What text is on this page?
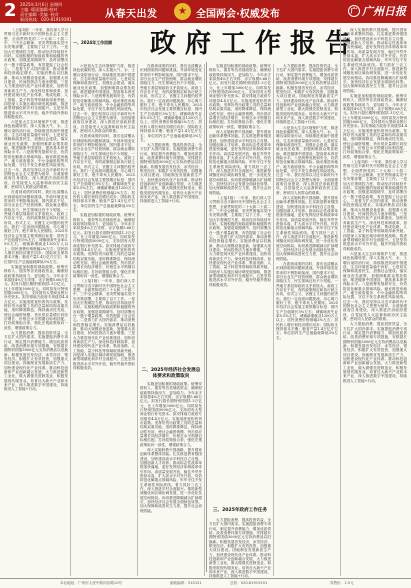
2 2025年3月6日 星期四
主编 ·版面编辑·校对
责任编辑 ·美编 ·校对
新闻热线：020-81919191	从春天出发	★ 全国两会·权威发布	广 广州日报
政府工作报告

（上接1版）一年来，我们深入学习贯彻习近平新时代中国特色社会主义思想，全面贯彻党的二十大和二十届二中、三中全会精神，坚决贯彻落实党中央决策部署，主要做了以下工作。一是加大宏观调控力度，推动经济持续回升向好。实施积极的财政政策和稳健的货币政策，加强逆周期调节，及时部署出台一揽子增量政策，有效提振了社会信心。二是着力扩大国内需求，推动消费和投资稳定增长。实施消费品以旧换新，推动大规模设备更新，加强重大项目建设，民间投资活力逐步增强。三是大力推进现代化产业体系建设，加快培育新质生产力。深化科技体制改革，加快建设现代化产业体系，集成电路、人工智能、量子科技等领域取得新突破。四是深入实施区域协调发展战略，推进新型城镇化和乡村全面振兴。五是坚持推进高水平对外开放，稳外贸稳外资取得积极成效。

六是加大生态环境保护力度，推进绿色低碳转型。深入实施大气、水、土壤污染防治行动，持续推进美丽中国建设，生态环境质量稳中向好。七是切实保障和改善民生，加强社会建设。落实就业优先政策，加强困难群众帮扶救助，推进健康中国建设，提高基本养老保险水平。八是统筹发展和安全，有效防范化解重点领域风险。稳妥推进房地产、地方政府债务、中小金融机构等风险处置，守住不发生系统性风险底线。过去一年，我们坚持以习近平新时代中国特色社会主义思想为指导，全面加强政府自身建设，深入推进法治政府建设，自觉接受人大监督和政协民主监督，密切同人民群众的联系。

在看到成绩的同时，我们也清醒认识到面临的问题和挑战。外部环境变化带来的不利影响加深，国内需求不足，部分企业生产经营困难，群众就业增收面临压力，民生领域还有不少短板，一些地方基层财政收支矛盾较大。政府工作存在不足，有的政策制定和执行缺乏协同，形式主义、官僚主义问题仍较突出。我们一定直面问题挑战，尽心竭力做好工作，绝不辜负人民期待。2025年经济社会发展主要预期目标是：国内生产总值增长5%左右；城镇调查失业率5.5%左右，城镇新增就业1200万人以上；居民消费价格涨幅2%左右；居民收入增长和经济增长同步；国际收支保持基本平衡；粮食产量1.4万亿斤左右；单位国内生产总值能耗降低3%左右。

实施更加积极的财政政策。统筹安排收入、债券等各类财政资金，确保财政政策持续用力、更加给力。今年赤字率拟按4%左右安排，赤字规模5.66万亿元。拟发行超长期特别国债1.3万亿元，比上年增加3000亿元。同时拟发行特别国债5000亿元，支持国有大型商业银行补充资本。拟安排地方政府专项债券4.4万亿元。实施适度宽松的货币政策。发挥好货币政策工具的总量和结构双重功能，适时降准降息，保持流动性充裕，使社会融资规模、货币供应量增长同经济增长、价格总水平预期目标相匹配。打好政策组合拳，强化宏观政策取向一致性，增强政策合力。

大力提振消费、提高投资效益，全方位扩大国内需求。实施提振消费专项行动，制定提升消费能力、增加优质供给、改善消费环境专项措施，安排超长期特别国债3000亿元支持消费品以旧换新。积极发展首发经济、冰雪经济、银发经济。积极扩大有效投资，加强重大项目建设。因地制宜发展新质生产力，加快建设现代化产业体系。推动科技创新和产业创新融合发展，大力推进新型工业化，做大做强先进制造业，积极发展现代服务业。培育壮大新兴产业和未来产业，深入推进数字中国建设，持续推进人工智能+行动。

六是加大生态环境保护力度，推进绿色低碳转型。深入实施大气、水、土壤污染防治行动，持续推进美丽中国建设，生态环境质量稳中向好。七是切实保障和改善民生，加强社会建设。落实就业优先政策，加强困难群众帮扶救助，推进健康中国建设，提高基本养老保险水平。八是统筹发展和安全，有效防范化解重点领域风险。稳妥推进房地产、地方政府债务、中小金融机构等风险处置，守住不发生系统性风险底线。过去一年，我们坚持以习近平新时代中国特色社会主义思想为指导，全面加强政府自身建设，深入推进法治政府建设，自觉接受人大监督和政协民主监督，密切同人民群众的联系。

在看到成绩的同时，我们也清醒认识到面临的问题和挑战。外部环境变化带来的不利影响加深，国内需求不足，部分企业生产经营困难，群众就业增收面临压力，民生领域还有不少短板，一些地方基层财政收支矛盾较大。政府工作存在不足，有的政策制定和执行缺乏协同，形式主义、官僚主义问题仍较突出。我们一定直面问题挑战，尽心竭力做好工作，绝不辜负人民期待。2025年经济社会发展主要预期目标是：国内生产总值增长5%左右；城镇调查失业率5.5%左右，城镇新增就业1200万人以上；居民消费价格涨幅2%左右；居民收入增长和经济增长同步；国际收支保持基本平衡；粮食产量1.4万亿斤左右；单位国内生产总值能耗降低3%左右。

实施更加积极的财政政策。统筹安排收入、债券等各类财政资金，确保财政政策持续用力、更加给力。今年赤字率拟按4%左右安排，赤字规模5.66万亿元。拟发行超长期特别国债1.3万亿元，比上年增加3000亿元。同时拟发行特别国债5000亿元，支持国有大型商业银行补充资本。拟安排地方政府专项债券4.4万亿元。实施适度宽松的货币政策。发挥好货币政策工具的总量和结构双重功能，适时降准降息，保持流动性充裕，使社会融资规模、货币供应量增长同经济增长、价格总水平预期目标相匹配。打好政策组合拳，强化宏观政策取向一致性，增强政策合力。

（上接1版）一年来，我们深入学习贯彻习近平新时代中国特色社会主义思想，全面贯彻党的二十大和二十届二中、三中全会精神，坚决贯彻落实党中央决策部署，主要做了以下工作。一是加大宏观调控力度，推动经济持续回升向好。实施积极的财政政策和稳健的货币政策，加强逆周期调节，及时部署出台一揽子增量政策，有效提振了社会信心。二是着力扩大国内需求，推动消费和投资稳定增长。实施消费品以旧换新，推动大规模设备更新，加强重大项目建设，民间投资活力逐步增强。三是大力推进现代化产业体系建设，加快培育新质生产力。深化科技体制改革，加快建设现代化产业体系，集成电路、人工智能、量子科技等领域取得新突破。四是深入实施区域协调发展战略，推进新型城镇化和乡村全面振兴。五是坚持推进高水平对外开放，稳外贸稳外资取得积极成效。

在看到成绩的同时，我们也清醒认识到面临的问题和挑战。外部环境变化带来的不利影响加深，国内需求不足，部分企业生产经营困难，群众就业增收面临压力，民生领域还有不少短板，一些地方基层财政收支矛盾较大。政府工作存在不足，有的政策制定和执行缺乏协同，形式主义、官僚主义问题仍较突出。我们一定直面问题挑战，尽心竭力做好工作，绝不辜负人民期待。2025年经济社会发展主要预期目标是：国内生产总值增长5%左右；城镇调查失业率5.5%左右，城镇新增就业1200万人以上；居民消费价格涨幅2%左右；居民收入增长和经济增长同步；国际收支保持基本平衡；粮食产量1.4万亿斤左右；单位国内生产总值能耗降低3%左右。

大力提振消费、提高投资效益，全方位扩大国内需求。实施提振消费专项行动，制定提升消费能力、增加优质供给、改善消费环境专项措施，安排超长期特别国债3000亿元支持消费品以旧换新。积极发展首发经济、冰雪经济、银发经济。积极扩大有效投资，加强重大项目建设。因地制宜发展新质生产力，加快建设现代化产业体系。推动科技创新和产业创新融合发展，大力推进新型工业化，做大做强先进制造业，积极发展现代服务业。培育壮大新兴产业和未来产业，深入推进数字中国建设，持续推进人工智能+行动。

二、2025年经济社会发展总体要求和政策取向

实施更加积极的财政政策。统筹安排收入、债券等各类财政资金，确保财政政策持续用力、更加给力。今年赤字率拟按4%左右安排，赤字规模5.66万亿元。拟发行超长期特别国债1.3万亿元，比上年增加3000亿元。同时拟发行特别国债5000亿元，支持国有大型商业银行补充资本。拟安排地方政府专项债券4.4万亿元。实施适度宽松的货币政策。发挥好货币政策工具的总量和结构双重功能，适时降准降息，保持流动性充裕，使社会融资规模、货币供应量增长同经济增长、价格总水平预期目标相匹配。打好政策组合拳，强化宏观政策取向一致性，增强政策合力。

深入实施科教兴国战略，提升国家创新体系整体效能。扎实推进教育强国建设，加快建设高水平科技自立自强，加强创新人才培养。推动标志性改革举措加快落地，更好发挥经济体制改革牵引作用。高质量发展开放，稳住外贸外资基本盘，扩大高水平对外开放。有效防范化解重点领域风险，牢牢守住不发生系统性风险底线。着力抓好三农工作，深入推进乡村全面振兴。推进新型城镇化和区域协调发展，进一步优化发展空间格局。协同推进降碳减污扩绿增长，加快经济社会发展全面绿色转型。加大保障和改善民生力度，提升社会治理效能。

实施更加积极的财政政策。统筹安排收入、债券等各类财政资金，确保财政政策持续用力、更加给力。今年赤字率拟按4%左右安排，赤字规模5.66万亿元。拟发行超长期特别国债1.3万亿元，比上年增加3000亿元。同时拟发行特别国债5000亿元，支持国有大型商业银行补充资本。拟安排地方政府专项债券4.4万亿元。实施适度宽松的货币政策。发挥好货币政策工具的总量和结构双重功能，适时降准降息，保持流动性充裕，使社会融资规模、货币供应量增长同经济增长、价格总水平预期目标相匹配。打好政策组合拳，强化宏观政策取向一致性，增强政策合力。

深入实施科教兴国战略，提升国家创新体系整体效能。扎实推进教育强国建设，加快建设高水平科技自立自强，加强创新人才培养。推动标志性改革举措加快落地，更好发挥经济体制改革牵引作用。高质量发展开放，稳住外贸外资基本盘，扩大高水平对外开放。有效防范化解重点领域风险，牢牢守住不发生系统性风险底线。着力抓好三农工作，深入推进乡村全面振兴。推进新型城镇化和区域协调发展，进一步优化发展空间格局。协同推进降碳减污扩绿增长，加快经济社会发展全面绿色转型。加大保障和改善民生力度，提升社会治理效能。

（上接1版）一年来，我们深入学习贯彻习近平新时代中国特色社会主义思想，全面贯彻党的二十大和二十届二中、三中全会精神，坚决贯彻落实党中央决策部署，主要做了以下工作。一是加大宏观调控力度，推动经济持续回升向好。实施积极的财政政策和稳健的货币政策，加强逆周期调节，及时部署出台一揽子增量政策，有效提振了社会信心。二是着力扩大国内需求，推动消费和投资稳定增长。实施消费品以旧换新，推动大规模设备更新，加强重大项目建设，民间投资活力逐步增强。三是大力推进现代化产业体系建设，加快培育新质生产力。深化科技体制改革，加快建设现代化产业体系，集成电路、人工智能、量子科技等领域取得新突破。四是深入实施区域协调发展战略，推进新型城镇化和乡村全面振兴。五是坚持推进高水平对外开放，稳外贸稳外资取得积极成效。

三、2025年政府工作任务

大力提振消费、提高投资效益，全方位扩大国内需求。实施提振消费专项行动，制定提升消费能力、增加优质供给、改善消费环境专项措施，安排超长期特别国债3000亿元支持消费品以旧换新。积极发展首发经济、冰雪经济、银发经济。积极扩大有效投资，加强重大项目建设。因地制宜发展新质生产力，加快建设现代化产业体系。推动科技创新和产业创新融合发展，大力推进新型工业化，做大做强先进制造业，积极发展现代服务业。培育壮大新兴产业和未来产业，深入推进数字中国建设，持续推进人工智能+行动。

大力提振消费、提高投资效益，全方位扩大国内需求。实施提振消费专项行动，制定提升消费能力、增加优质供给、改善消费环境专项措施，安排超长期特别国债3000亿元支持消费品以旧换新。积极发展首发经济、冰雪经济、银发经济。积极扩大有效投资，加强重大项目建设。因地制宜发展新质生产力，加快建设现代化产业体系。推动科技创新和产业创新融合发展，大力推进新型工业化，做大做强先进制造业，积极发展现代服务业。培育壮大新兴产业和未来产业，深入推进数字中国建设，持续推进人工智能+行动。

六是加大生态环境保护力度，推进绿色低碳转型。深入实施大气、水、土壤污染防治行动，持续推进美丽中国建设，生态环境质量稳中向好。七是切实保障和改善民生，加强社会建设。落实就业优先政策，加强困难群众帮扶救助，推进健康中国建设，提高基本养老保险水平。八是统筹发展和安全，有效防范化解重点领域风险。稳妥推进房地产、地方政府债务、中小金融机构等风险处置，守住不发生系统性风险底线。过去一年，我们坚持以习近平新时代中国特色社会主义思想为指导，全面加强政府自身建设，深入推进法治政府建设，自觉接受人大监督和政协民主监督，密切同人民群众的联系。

深入实施科教兴国战略，提升国家创新体系整体效能。扎实推进教育强国建设，加快建设高水平科技自立自强，加强创新人才培养。推动标志性改革举措加快落地，更好发挥经济体制改革牵引作用。高质量发展开放，稳住外贸外资基本盘，扩大高水平对外开放。有效防范化解重点领域风险，牢牢守住不发生系统性风险底线。着力抓好三农工作，深入推进乡村全面振兴。推进新型城镇化和区域协调发展，进一步优化发展空间格局。协同推进降碳减污扩绿增长，加快经济社会发展全面绿色转型。加大保障和改善民生力度，提升社会治理效能。

在看到成绩的同时，我们也清醒认识到面临的问题和挑战。外部环境变化带来的不利影响加深，国内需求不足，部分企业生产经营困难，群众就业增收面临压力，民生领域还有不少短板，一些地方基层财政收支矛盾较大。政府工作存在不足，有的政策制定和执行缺乏协同，形式主义、官僚主义问题仍较突出。我们一定直面问题挑战，尽心竭力做好工作，绝不辜负人民期待。2025年经济社会发展主要预期目标是：国内生产总值增长5%左右；城镇调查失业率5.5%左右，城镇新增就业1200万人以上；居民消费价格涨幅2%左右；居民收入增长和经济增长同步；国际收支保持基本平衡；粮食产量1.4万亿斤左右；单位国内生产总值能耗降低3%左右。

深入实施科教兴国战略，提升国家创新体系整体效能。扎实推进教育强国建设，加快建设高水平科技自立自强，加强创新人才培养。推动标志性改革举措加快落地，更好发挥经济体制改革牵引作用。高质量发展开放，稳住外贸外资基本盘，扩大高水平对外开放。有效防范化解重点领域风险，牢牢守住不发生系统性风险底线。着力抓好三农工作，深入推进乡村全面振兴。推进新型城镇化和区域协调发展，进一步优化发展空间格局。协同推进降碳减污扩绿增长，加快经济社会发展全面绿色转型。加大保障和改善民生力度，提升社会治理效能。

实施更加积极的财政政策。统筹安排收入、债券等各类财政资金，确保财政政策持续用力、更加给力。今年赤字率拟按4%左右安排，赤字规模5.66万亿元。拟发行超长期特别国债1.3万亿元，比上年增加3000亿元。同时拟发行特别国债5000亿元，支持国有大型商业银行补充资本。拟安排地方政府专项债券4.4万亿元。实施适度宽松的货币政策。发挥好货币政策工具的总量和结构双重功能，适时降准降息，保持流动性充裕，使社会融资规模、货币供应量增长同经济增长、价格总水平预期目标相匹配。打好政策组合拳，强化宏观政策取向一致性，增强政策合力。

（上接1版）一年来，我们深入学习贯彻习近平新时代中国特色社会主义思想，全面贯彻党的二十大和二十届二中、三中全会精神，坚决贯彻落实党中央决策部署，主要做了以下工作。一是加大宏观调控力度，推动经济持续回升向好。实施积极的财政政策和稳健的货币政策，加强逆周期调节，及时部署出台一揽子增量政策，有效提振了社会信心。二是着力扩大国内需求，推动消费和投资稳定增长。实施消费品以旧换新，推动大规模设备更新，加强重大项目建设，民间投资活力逐步增强。三是大力推进现代化产业体系建设，加快培育新质生产力。深化科技体制改革，加快建设现代化产业体系，集成电路、人工智能、量子科技等领域取得新突破。四是深入实施区域协调发展战略，推进新型城镇化和乡村全面振兴。五是坚持推进高水平对外开放，稳外贸稳外资取得积极成效。

六是加大生态环境保护力度，推进绿色低碳转型。深入实施大气、水、土壤污染防治行动，持续推进美丽中国建设，生态环境质量稳中向好。七是切实保障和改善民生，加强社会建设。落实就业优先政策，加强困难群众帮扶救助，推进健康中国建设，提高基本养老保险水平。八是统筹发展和安全，有效防范化解重点领域风险。稳妥推进房地产、地方政府债务、中小金融机构等风险处置，守住不发生系统性风险底线。过去一年，我们坚持以习近平新时代中国特色社会主义思想为指导，全面加强政府自身建设，深入推进法治政府建设，自觉接受人大监督和政协民主监督，密切同人民群众的联系。

大力提振消费、提高投资效益，全方位扩大国内需求。实施提振消费专项行动，制定提升消费能力、增加优质供给、改善消费环境专项措施，安排超长期特别国债3000亿元支持消费品以旧换新。积极发展首发经济、冰雪经济、银发经济。积极扩大有效投资，加强重大项目建设。因地制宜发展新质生产力，加快建设现代化产业体系。推动科技创新和产业创新融合发展，大力推进新型工业化，做大做强先进制造业，积极发展现代服务业。培育壮大新兴产业和未来产业，深入推进数字中国建设，持续推进人工智能+行动。

一、2024年工作回顾
本社地址：广州市人民中路同乐路10号	邮政编码：510121	总机：020-81919191	零售价：1.5元
